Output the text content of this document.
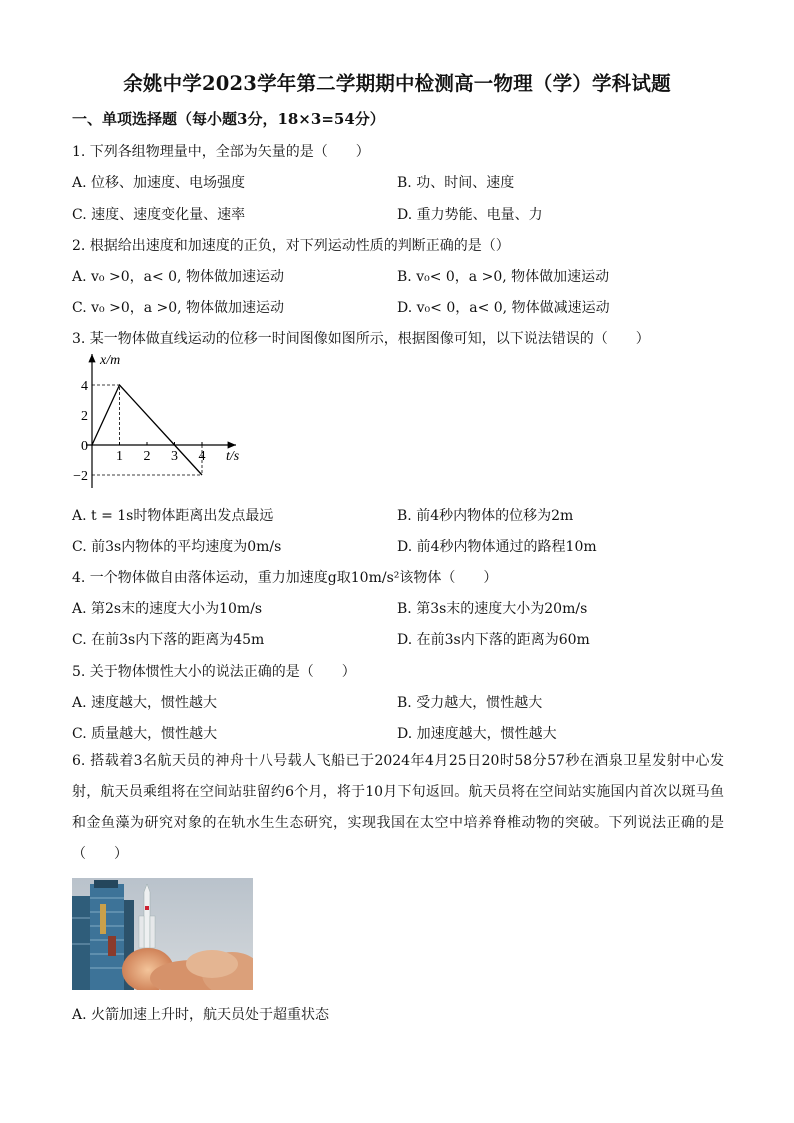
余姚中学2023学年第二学期期中检测高一物理（学）学科试题
一、单项选择题（每小题3分，18×3=54分）
1. 下列各组物理量中，全部为矢量的是（　　）
A. 位移、加速度、电场强度	B. 功、时间、速度
C. 速度、速度变化量、速率	D. 重力势能、电量、力
2. 根据给出速度和加速度的正负，对下列运动性质的判断正确的是（）
A. v₀ >0，a< 0, 物体做加速运动	B. v₀< 0，a >0, 物体做加速运动
C. v₀ >0，a >0, 物体做加速运动	D. v₀< 0，a< 0, 物体做减速运动
3. 某一物体做直线运动的位移一时间图像如图所示，根据图像可知，以下说法错误的（　　）
x/m
t/s
4
2
0
−2
1 2 3 4
A. t = 1s时物体距离出发点最远	B. 前4秒内物体的位移为2m
C. 前3s内物体的平均速度为0m/s	D. 前4秒内物体通过的路程10m
4. 一个物体做自由落体运动，重力加速度g取10m/s²该物体（　　）
A. 第2s末的速度大小为10m/s	B. 第3s末的速度大小为20m/s
C. 在前3s内下落的距离为45m	D. 在前3s内下落的距离为60m
5. 关于物体惯性大小的说法正确的是（　　）
A. 速度越大，惯性越大	B. 受力越大，惯性越大
C. 质量越大，惯性越大	D. 加速度越大，惯性越大
6. 搭载着3名航天员的神舟十八号载人飞船已于2024年4月25日20时58分57秒在酒泉卫星发射中心发射，航天员乘组将在空间站驻留约6个月，将于10月下旬返回。航天员将在空间站实施国内首次以斑马鱼和金鱼藻为研究对象的在轨水生生态研究，实现我国在太空中培养脊椎动物的突破。下列说法正确的是（　　）
A. 火箭加速上升时，航天员处于超重状态
